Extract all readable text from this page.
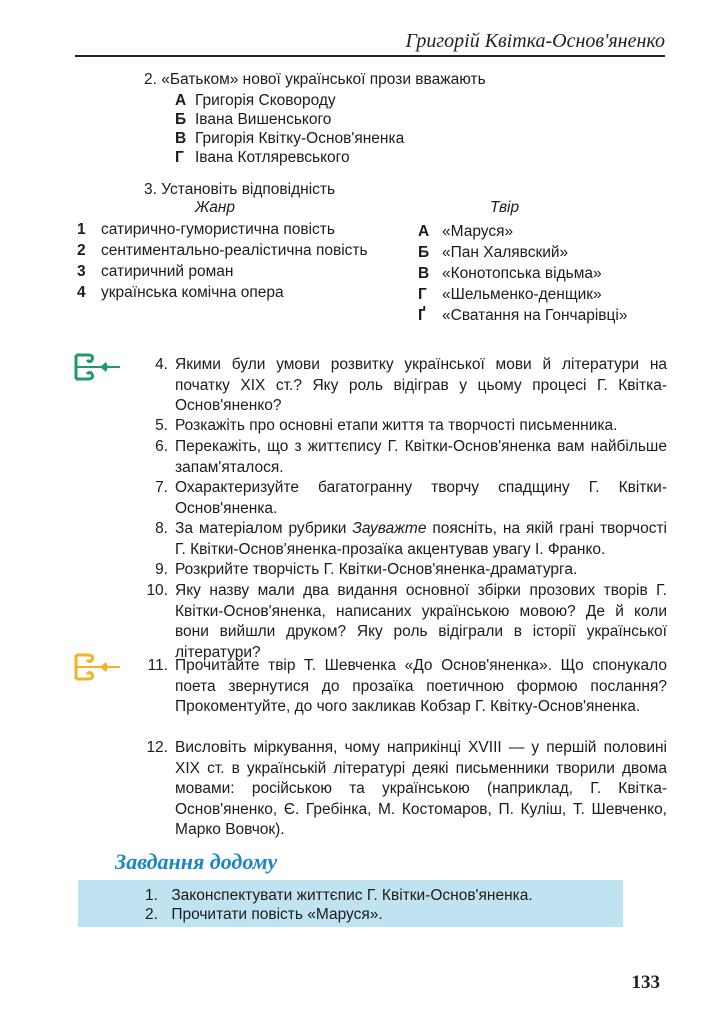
Григорій Квітка-Основ'яненко
2. «Батьком» нової української прози вважають
А Григорія Сковороду
Б Івана Вишенського
В Григорія Квітку-Основ'яненка
Г Івана Котляревського
3. Установіть відповідність
Жанр	Твір
1 сатирично-гумористична повість
2 сентиментально-реалістична повість
3 сатиричний роман
4 українська комічна опера
А «Маруся»
Б «Пан Халявский»
В «Конотопська відьма»
Г «Шельменко-денщик»
Ґ «Сватання на Гончарівці»
4. Якими були умови розвитку української мови й літератури на початку XIX ст.? Яку роль відіграв у цьому процесі Г. Квітка-Основ'яненко?
5. Розкажіть про основні етапи життя та творчості письменника.
6. Перекажіть, що з життєпису Г. Квітки-Основ'яненка вам найбільше запам'яталося.
7. Охарактеризуйте багатогранну творчу спадщину Г. Квітки-Основ'яненка.
8. За матеріалом рубрики Зауважте поясніть, на якій грані творчості Г. Квітки-Основ'яненка-прозаїка акцентував увагу І. Франко.
9. Розкрийте творчість Г. Квітки-Основ'яненка-драматурга.
10. Яку назву мали два видання основної збірки прозових творів Г. Квітки-Основ'яненка, написаних українською мовою? Де й коли вони вийшли друком? Яку роль відіграли в історії української літератури?
11. Прочитайте твір Т. Шевченка «До Основ'яненка». Що спонукало поета звернутися до прозаїка поетичною формою послання? Прокоментуйте, до чого закликав Кобзар Г. Квітку-Основ'яненка.
12. Висловіть міркування, чому наприкінці XVIII — у першій половині XIX ст. в українській літературі деякі письменники творили двома мовами: російською та українською (наприклад, Г. Квітка-Основ'яненко, Є. Гребінка, М. Костомаров, П. Куліш, Т. Шевченко, Марко Вовчок).
Завдання додому
1. Законспектувати життєпис Г. Квітки-Основ'яненка.
2. Прочитати повість «Маруся».
133
